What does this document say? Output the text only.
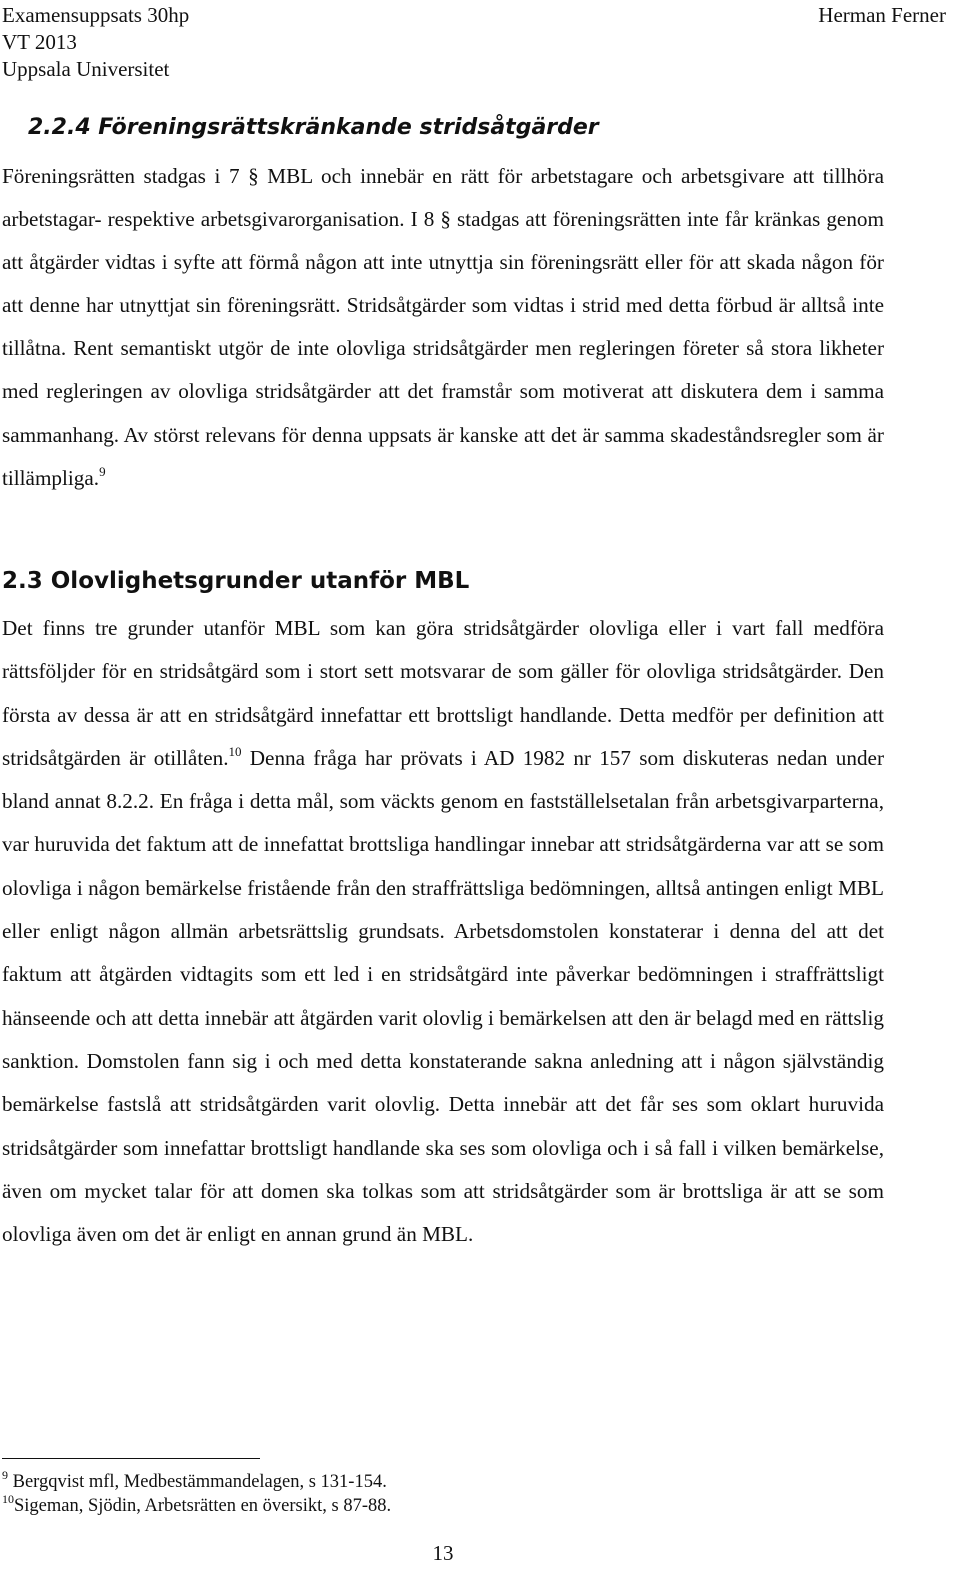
Examensuppsats 30hp
VT 2013
Uppsala Universitet
Herman Ferner
2.2.4 Föreningsrättskränkande stridsåtgärder

Föreningsrätten stadgas i 7 § MBL och innebär en rätt för arbetstagare och arbetsgivare att tillhöra arbetstagar- respektive arbetsgivarorganisation. I 8 § stadgas att föreningsrätten inte får kränkas genom att åtgärder vidtas i syfte att förmå någon att inte utnyttja sin föreningsrätt eller för att skada någon för att denne har utnyttjat sin föreningsrätt. Stridsåtgärder som vidtas i strid med detta förbud är alltså inte tillåtna. Rent semantiskt utgör de inte olovliga stridsåtgärder men regleringen företer så stora likheter med regleringen av olovliga stridsåtgärder att det framstår som motiverat att diskutera dem i samma sammanhang. Av störst relevans för denna uppsats är kanske att det är samma skadeståndsregler som är tillämpliga.$^9$

2.3 Olovlighetsgrunder utanför MBL

Det finns tre grunder utanför MBL som kan göra stridsåtgärder olovliga eller i vart fall medföra rättsföljder för en stridsåtgärd som i stort sett motsvarar de som gäller för olovliga stridsåtgärder. Den första av dessa är att en stridsåtgärd innefattar ett brottsligt handlande. Detta medför per definition att stridsåtgärden är otillåten.$^{10}$ Denna fråga har prövats i AD 1982 nr 157 som diskuteras nedan under bland annat 8.2.2. En fråga i detta mål, som väckts genom en fastställelsetalan från arbetsgivarparterna, var huruvida det faktum att de innefattat brottsliga handlingar innebar att stridsåtgärderna var att se som olovliga i någon bemärkelse fristående från den straffrättsliga bedömningen, alltså antingen enligt MBL eller enligt någon allmän arbetsrättslig grundsats. Arbetsdomstolen konstaterar i denna del att det faktum att åtgärden vidtagits som ett led i en stridsåtgärd inte påverkar bedömningen i straffrättsligt hänseende och att detta innebär att åtgärden varit olovlig i bemärkelsen att den är belagd med en rättslig sanktion. Domstolen fann sig i och med detta konstaterande sakna anledning att i någon självständig bemärkelse fastslå att stridsåtgärden varit olovlig. Detta innebär att det får ses som oklart huruvida stridsåtgärder som innefattar brottsligt handlande ska ses som olovliga och i så fall i vilken bemärkelse, även om mycket talar för att domen ska tolkas som att stridsåtgärder som är brottsliga är att se som olovliga även om det är enligt en annan grund än MBL.

$^9$ Bergqvist mfl, Medbestämmandelagen, s 131-154.
$^{10}$Sigeman, Sjödin, Arbetsrätten en översikt, s 87-88.
13
